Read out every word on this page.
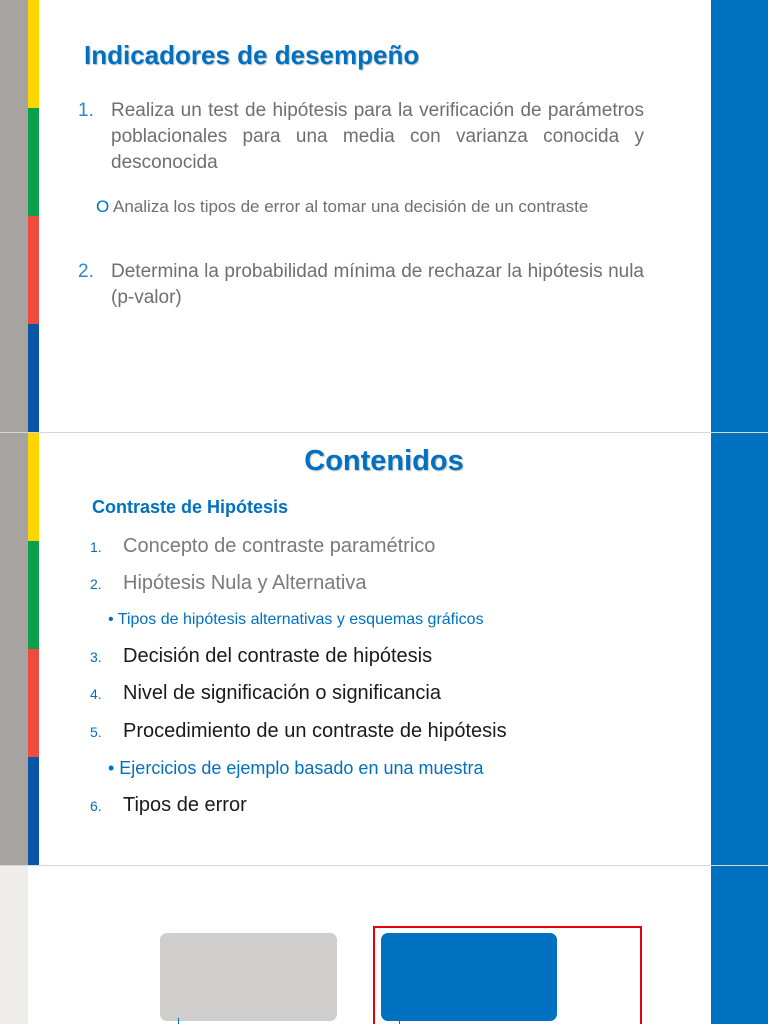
Indicadores de desempeño
1. Realiza un test de hipótesis para la verificación de parámetros poblacionales para una media con varianza conocida y desconocida
O Analiza los tipos de error al tomar una decisión de un contraste
2. Determina la probabilidad mínima de rechazar la hipótesis nula (p-valor)
Contenidos
Contraste de Hipótesis
1. Concepto de contraste paramétrico
2. Hipótesis Nula y Alternativa
• Tipos de hipótesis alternativas y esquemas gráficos
3. Decisión del contraste de hipótesis
4. Nivel de significación o significancia
5. Procedimiento de un contraste de hipótesis
• Ejercicios de ejemplo basado en una muestra
6. Tipos de error
